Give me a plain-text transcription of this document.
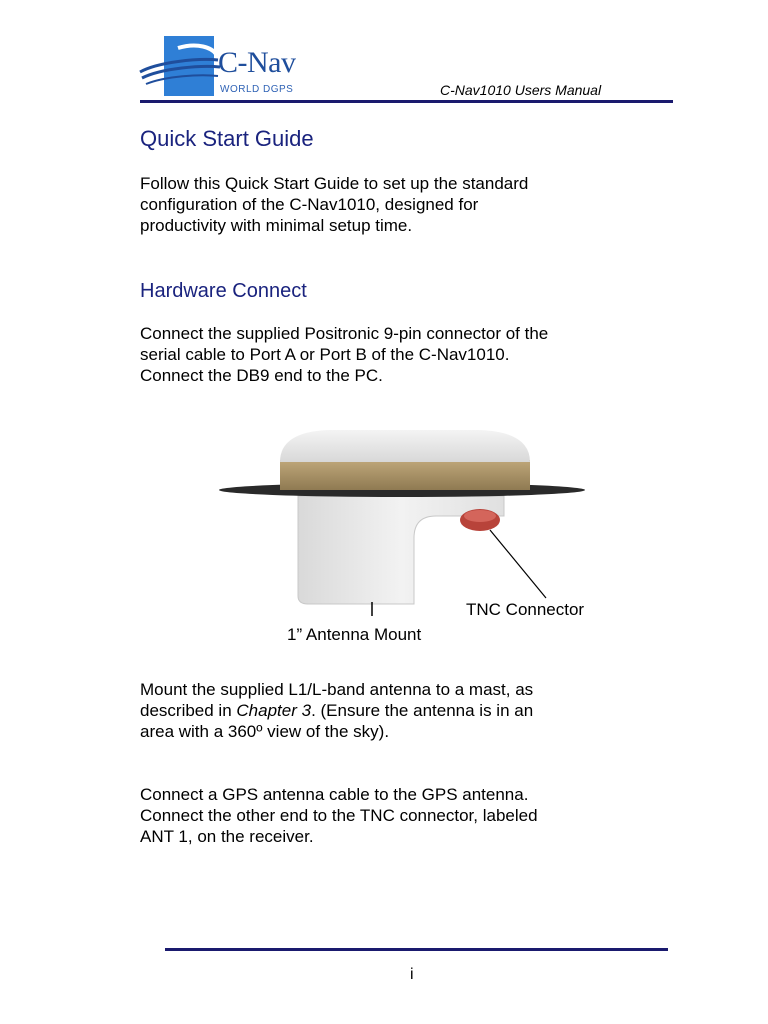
C-Nav
WORLD DGPS	C-Nav1010 Users Manual
Quick Start Guide
Follow this Quick Start Guide to set up the standard
configuration of the C-Nav1010, designed for
productivity with minimal setup time.
Hardware Connect
Connect the supplied Positronic 9-pin connector of the
serial cable to Port A or Port B of the C-Nav1010.
Connect the DB9 end to the PC.
TNC Connector
1” Antenna Mount
Mount the supplied L1/L-band antenna to a mast, as
described in Chapter 3. (Ensure the antenna is in an
area with a 360º view of the sky).
Connect a GPS antenna cable to the GPS antenna.
Connect the other end to the TNC connector, labeled
ANT 1, on the receiver.
i
